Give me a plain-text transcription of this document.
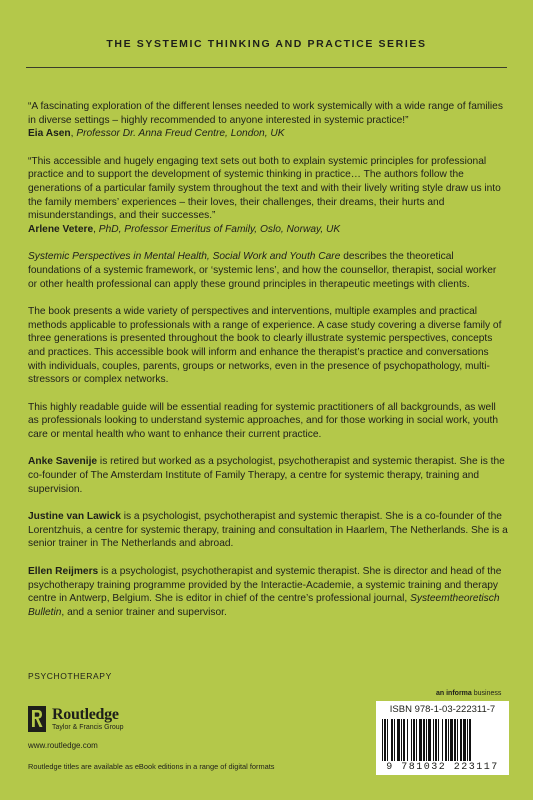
THE SYSTEMIC THINKING AND PRACTICE SERIES
“A fascinating exploration of the different lenses needed to work systemically with a wide range of families in diverse settings – highly recommended to anyone interested in systemic practice!”
Eia Asen, Professor Dr. Anna Freud Centre, London, UK
“This accessible and hugely engaging text sets out both to explain systemic principles for professional practice and to support the development of systemic thinking in practice… The authors follow the generations of a particular family system throughout the text and with their lively writing style draw us into the family members’ experiences – their loves, their challenges, their dreams, their hurts and misunderstandings, and their successes.”
Arlene Vetere, PhD, Professor Emeritus of Family, Oslo, Norway, UK
Systemic Perspectives in Mental Health, Social Work and Youth Care describes the theoretical foundations of a systemic framework, or ‘systemic lens’, and how the counsellor, therapist, social worker or other health professional can apply these ground principles in therapeutic meetings with clients.
The book presents a wide variety of perspectives and interventions, multiple examples and practical methods applicable to professionals with a range of experience. A case study covering a diverse family of three generations is presented throughout the book to clearly illustrate systemic perspectives, concepts and practices. This accessible book will inform and enhance the therapist’s practice and conversations with individuals, couples, parents, groups or networks, even in the presence of psychopathology, multi-stressors or complex networks.
This highly readable guide will be essential reading for systemic practitioners of all backgrounds, as well as professionals looking to understand systemic approaches, and for those working in social work, youth care or mental health who want to enhance their current practice.
Anke Savenije is retired but worked as a psychologist, psychotherapist and systemic therapist. She is the co-founder of The Amsterdam Institute of Family Therapy, a centre for systemic therapy, training and supervision.
Justine van Lawick is a psychologist, psychotherapist and systemic therapist. She is a co-founder of the Lorentzhuis, a centre for systemic therapy, training and consultation in Haarlem, The Netherlands. She is a senior trainer in The Netherlands and abroad.
Ellen Reijmers is a psychologist, psychotherapist and systemic therapist. She is director and head of the psychotherapy training programme provided by the Interactie-Academie, a systemic training and therapy centre in Antwerp, Belgium. She is editor in chief of the centre’s professional journal, Systeemtheoretisch Bulletin, and a senior trainer and supervisor.
PSYCHOTHERAPY
Routledge
Taylor & Francis Group
www.routledge.com
Routledge titles are available as eBook editions in a range of digital formats
an informa business
ISBN 978-1-03-222311-7
9 781032 223117
